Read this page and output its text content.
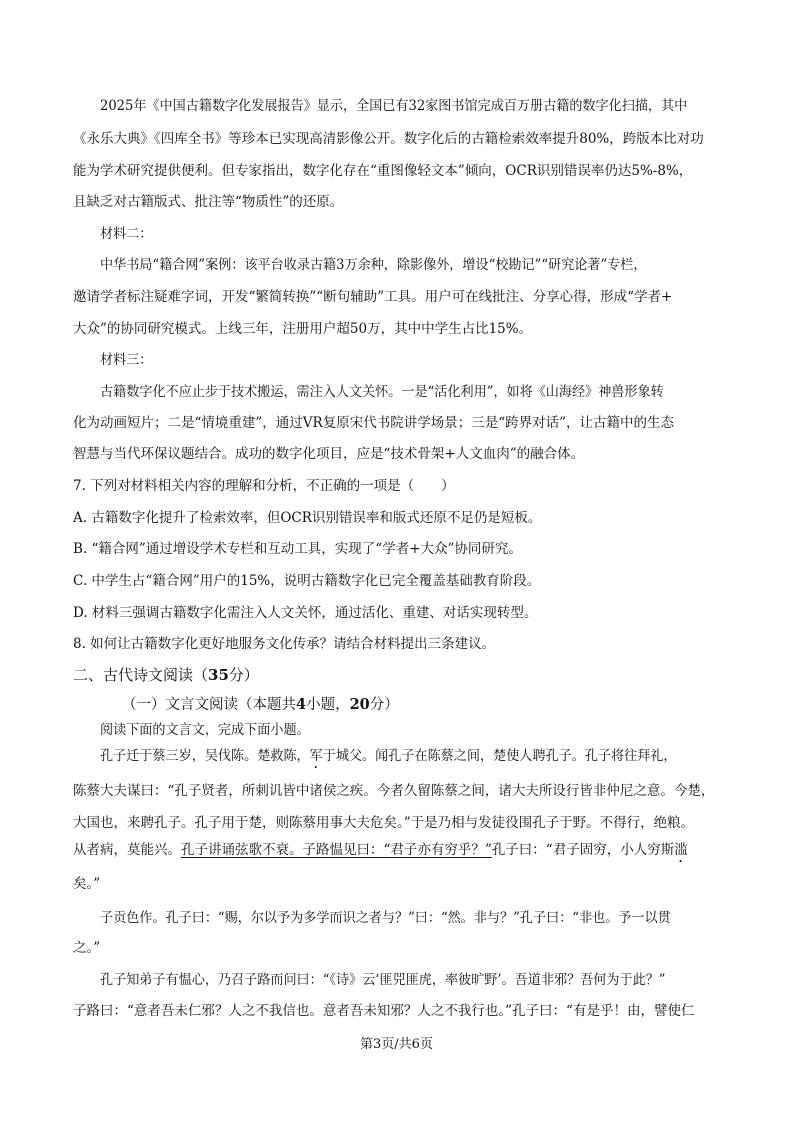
2025年《中国古籍数字化发展报告》显示，全国已有32家图书馆完成百万册古籍的数字化扫描，其中
《永乐大典》《四库全书》等珍本已实现高清影像公开。数字化后的古籍检索效率提升80%，跨版本比对功
能为学术研究提供便利。但专家指出，数字化存在“重图像轻文本”倾向，OCR识别错误率仍达5%-8%，
且缺乏对古籍版式、批注等“物质性”的还原。
材料二：
中华书局“籍合网”案例：该平台收录古籍3万余种，除影像外，增设“校勘记”“研究论著”专栏，
邀请学者标注疑难字词，开发“繁简转换”“断句辅助”工具。用户可在线批注、分享心得，形成“学者+
大众”的协同研究模式。上线三年，注册用户超50万，其中中学生占比15%。
材料三：
古籍数字化不应止步于技术搬运，需注入人文关怀。一是“活化利用”，如将《山海经》神兽形象转
化为动画短片；二是“情境重建”，通过VR复原宋代书院讲学场景；三是“跨界对话”，让古籍中的生态
智慧与当代环保议题结合。成功的数字化项目，应是“技术骨架+人文血肉”的融合体。
7. 下列对材料相关内容的理解和分析，不正确的一项是（　　）
A. 古籍数字化提升了检索效率，但OCR识别错误率和版式还原不足仍是短板。
B. “籍合网”通过增设学术专栏和互动工具，实现了“学者+大众”协同研究。
C. 中学生占“籍合网”用户的15%，说明古籍数字化已完全覆盖基础教育阶段。
D. 材料三强调古籍数字化需注入人文关怀，通过活化、重建、对话实现转型。
8. 如何让古籍数字化更好地服务文化传承？请结合材料提出三条建议。
二、古代诗文阅读（35分）
（一）文言文阅读（本题共4小题，20分）
阅读下面的文言文，完成下面小题。
孔子迁于蔡三岁，吴伐陈。楚救陈，军于城父。闻孔子在陈蔡之间，楚使人聘孔子。孔子将往拜礼，
陈蔡大夫谋曰：“孔子贤者，所刺讥皆中诸侯之疾。今者久留陈蔡之间，诸大夫所设行皆非仲尼之意。今楚，
大国也，来聘孔子。孔子用于楚，则陈蔡用事大夫危矣。”于是乃相与发徒役围孔子于野。不得行，绝粮。
从者病，莫能兴。孔子讲诵弦歌不衰。子路愠见曰：“君子亦有穷乎？”孔子曰：“君子固穷，小人穷斯滥
矣。”
子贡色作。孔子曰：“赐，尔以予为多学而识之者与？”曰：“然。非与？”孔子曰：“非也。予一以贯
之。”
孔子知弟子有愠心，乃召子路而问曰：“《诗》云‘匪兕匪虎，率彼旷野’。吾道非邪？吾何为于此？”
子路曰：“意者吾未仁邪？人之不我信也。意者吾未知邪？人之不我行也。”孔子曰：“有是乎！由，譬使仁
第3页/共6页
